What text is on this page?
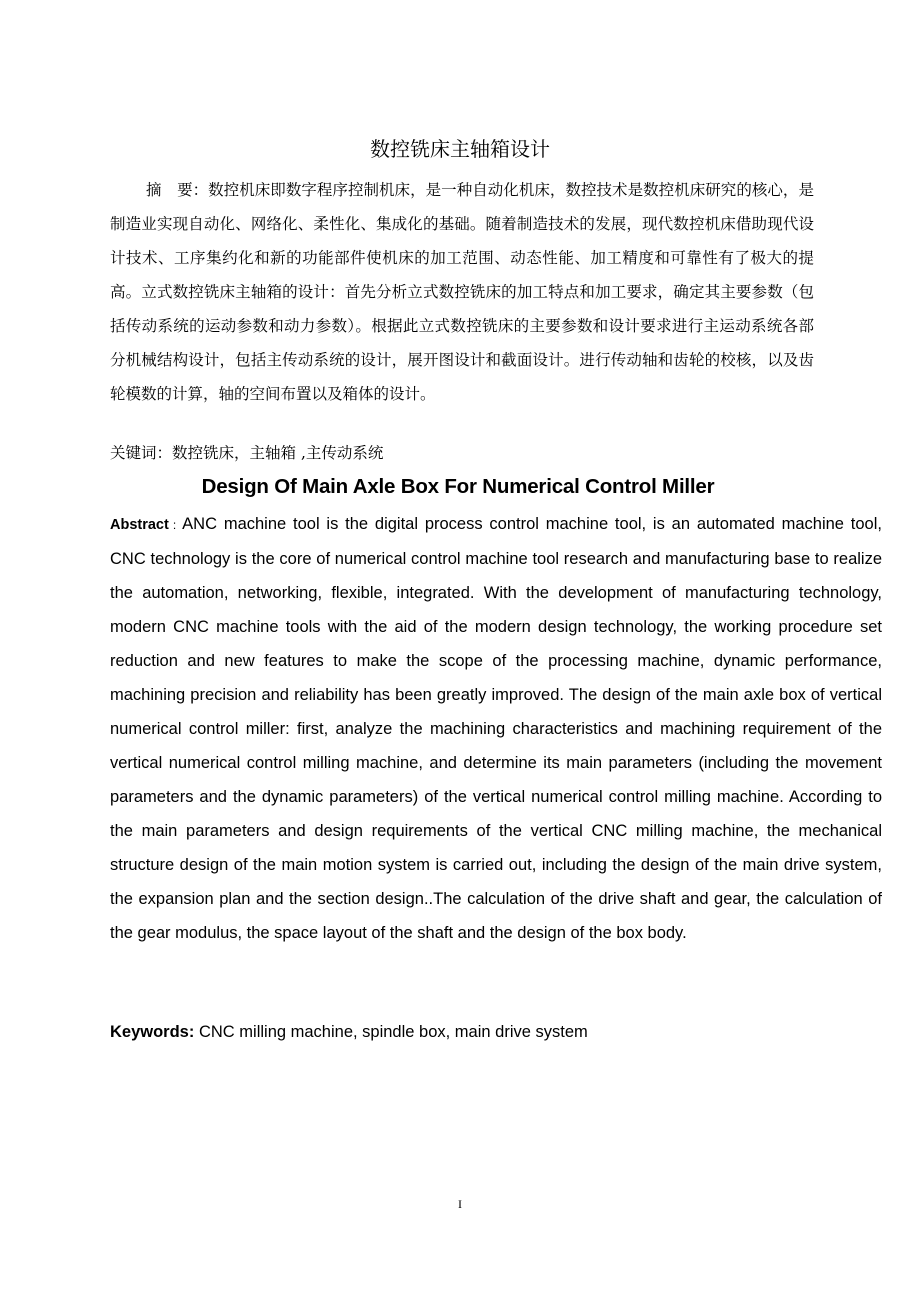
数控铣床主轴箱设计

摘　要：数控机床即数字程序控制机床，是一种自动化机床，数控技术是数控机床研究的核心，是制造业实现自动化、网络化、柔性化、集成化的基础。随着制造技术的发展，现代数控机床借助现代设计技术、工序集约化和新的功能部件使机床的加工范围、动态性能、加工精度和可靠性有了极大的提高。立式数控铣床主轴箱的设计：首先分析立式数控铣床的加工特点和加工要求，确定其主要参数（包括传动系统的运动参数和动力参数）。根据此立式数控铣床的主要参数和设计要求进行主运动系统各部分机械结构设计，包括主传动系统的设计，展开图设计和截面设计。进行传动轴和齿轮的校核，以及齿轮模数的计算，轴的空间布置以及箱体的设计。

关键词：数控铣床，主轴箱 ,主传动系统

Design Of Main Axle Box For Numerical Control Miller

Abstract : ANC machine tool is the digital process control machine tool, is an automated machine tool, CNC technology is the core of numerical control machine tool research and manufacturing base to realize the automation, networking, flexible, integrated. With the development of manufacturing technology, modern CNC machine tools with the aid of the modern design technology, the working procedure set reduction and new features to make the scope of the processing machine, dynamic performance, machining precision and reliability has been greatly improved. The design of the main axle box of vertical numerical control miller: first, analyze the machining characteristics and machining requirement of the vertical numerical control milling machine, and determine its main parameters (including the movement parameters and the dynamic parameters) of the vertical numerical control milling machine. According to the main parameters and design requirements of the vertical CNC milling machine, the mechanical structure design of the main motion system is carried out, including the design of the main drive system, the expansion plan and the section design..The calculation of the drive shaft and gear, the calculation of the gear modulus, the space layout of the shaft and the design of the box body.

Keywords: CNC milling machine, spindle box, main drive system

I
